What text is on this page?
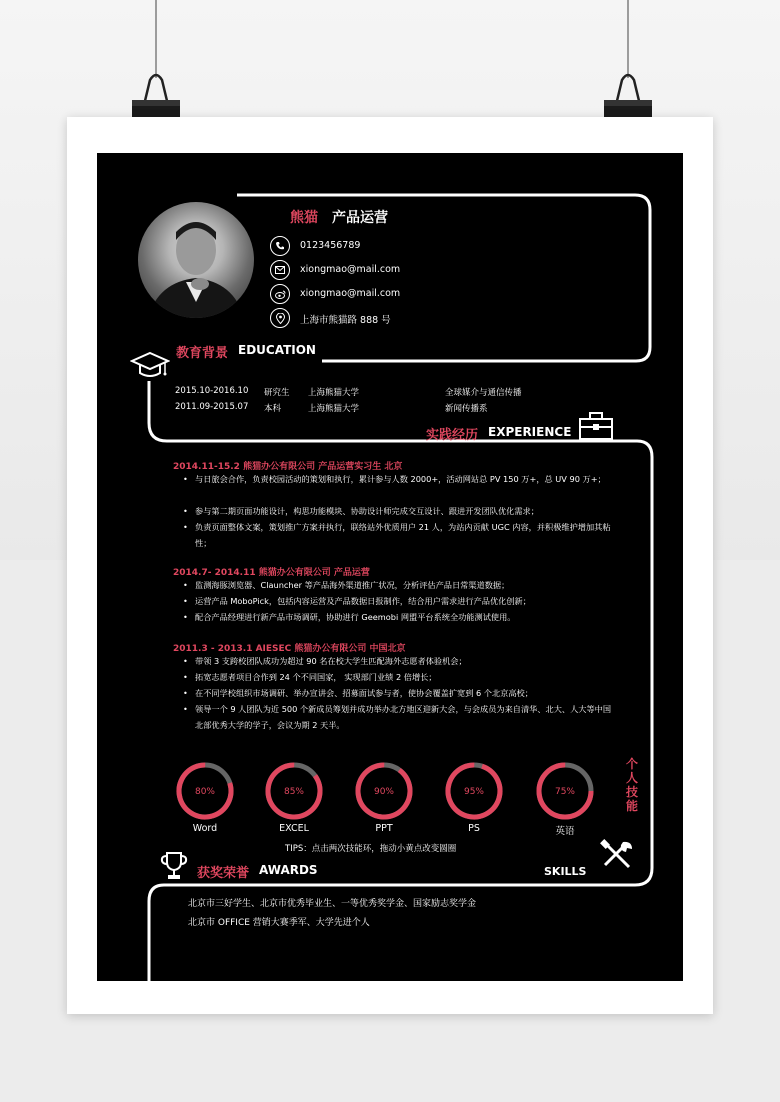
熊猫 产品运营
0123456789
xiongmao@mail.com
xiongmao@mail.com
上海市熊猫路 888 号
教育背景 EDUCATION
2015.10-2016.10 研究生 上海熊猫大学	全球媒介与通信传播
2011.09-2015.07 本科	上海熊猫大学	新闻传播系
实践经历 EXPERIENCE
2014.11-15.2 熊猫办公有限公司 产品运营实习生 北京
• 与日旅会合作，负责校园活动的策划和执行，累计参与人数 2000+，活动网站总 PV 150 万+，总 UV 90 万+；
• 参与第二期页面功能设计，构思功能模块、协助设计师完成交互设计、跟进开发团队优化需求；
• 负责页面整体文案，策划推广方案并执行，联络站外优质用户 21 人，为站内贡献 UGC 内容，并积极维护增加其粘性；
2014.7- 2014.11 熊猫办公有限公司 产品运营
• 监测海豚浏览器、Clauncher 等产品海外渠道推广状况，分析评估产品日常渠道数据；
• 运营产品 MoboPick，包括内容运营及产品数据日报制作，结合用户需求进行产品优化创新；
• 配合产品经理进行新产品市场调研，协助进行 Geemobi 网盟平台系统全功能测试使用。
2011.3 - 2013.1 AIESEC 熊猫办公有限公司 中国北京
• 带领 3 支跨校团队成功为超过 90 名在校大学生匹配海外志愿者体验机会；
• 拓宽志愿者项目合作到 24 个不同国家， 实现部门业绩 2 倍增长；
• 在不同学校组织市场调研、举办宣讲会、招募面试参与者，使协会覆盖扩宽到 6 个北京高校；
• 领导一个 9 人团队为近 500 个新成员筹划并成功举办北方地区迎新大会，与会成员为来自清华、北大、人大等中国北部优秀大学的学子，会议为期 2 天半。
80%	85%	90%	95%	75%
Word	EXCEL	PPT	PS	英语
个人技能
TIPS：点击两次技能环，拖动小黄点改变圆圈
SKILLS
获奖荣誉 AWARDS
北京市三好学生、北京市优秀毕业生、一等优秀奖学金、国家励志奖学金
北京市 OFFICE 营销大赛季军、大学先进个人
